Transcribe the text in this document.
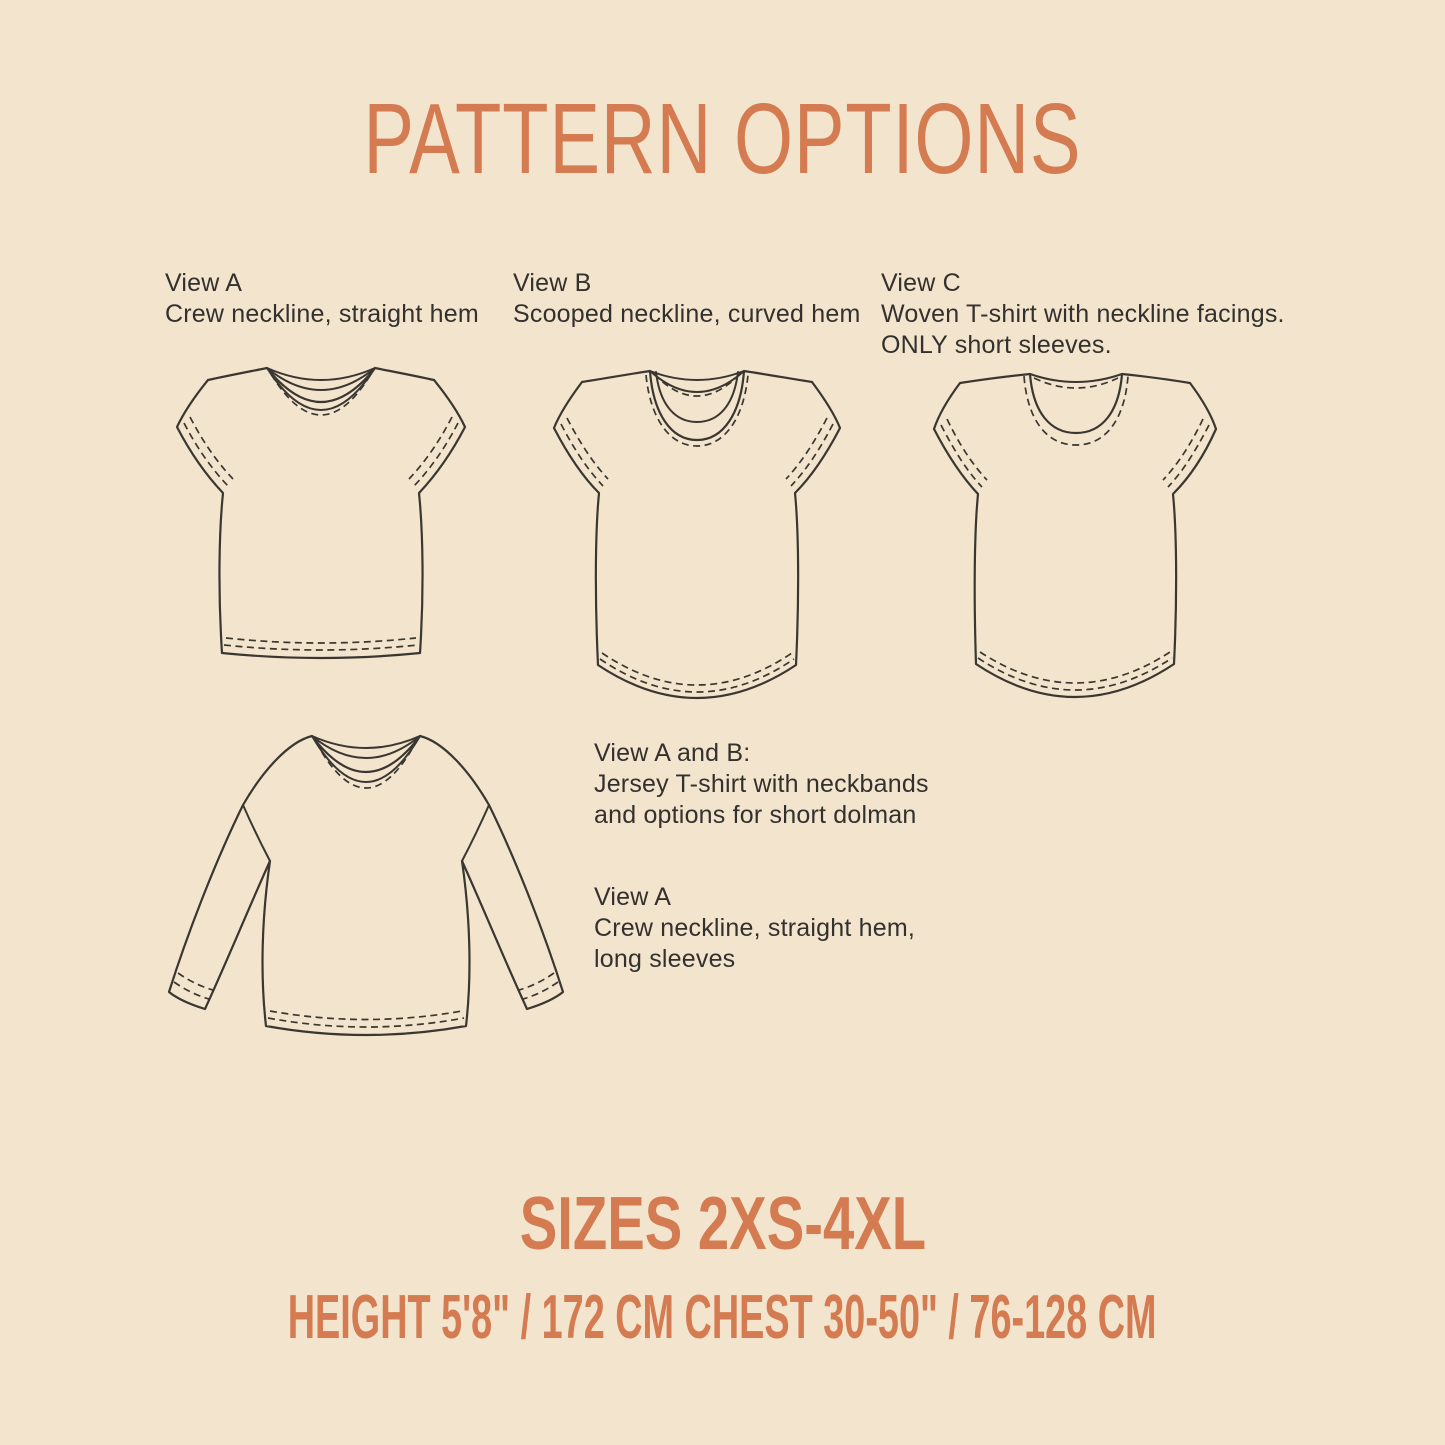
PATTERN OPTIONS
View A
Crew neckline, straight hem
View B
Scooped neckline, curved hem
View C
Woven T-shirt with neckline facings.
ONLY short sleeves.
View A and B:
Jersey T-shirt with neckbands
and options for short dolman
View A
Crew neckline, straight hem,
long sleeves
SIZES 2XS-4XL
HEIGHT 5'8" / 172 CM CHEST 30-50" / 76-128 CM
